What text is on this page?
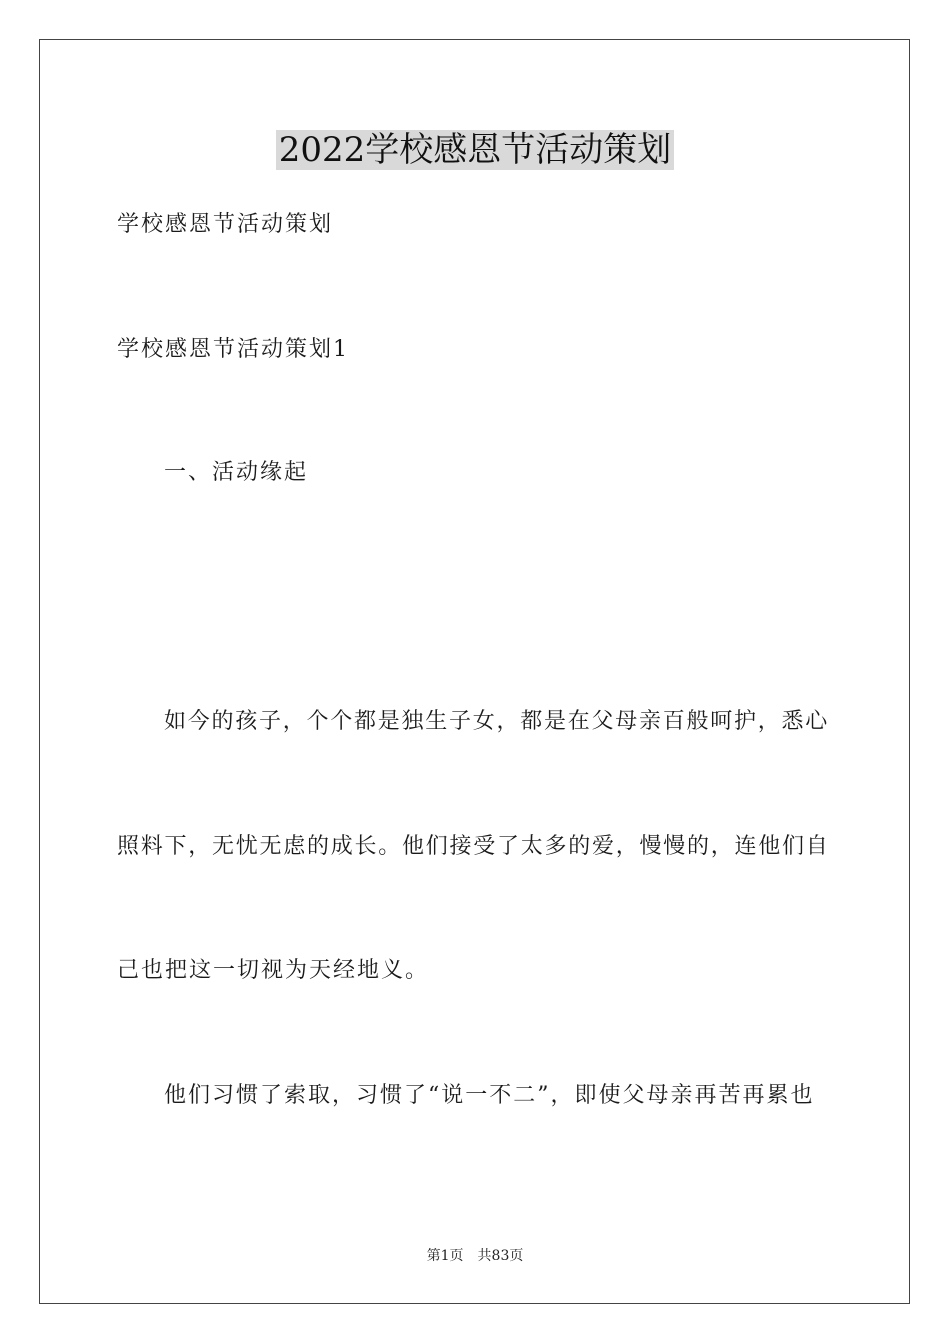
2022学校感恩节活动策划
学校感恩节活动策划
学校感恩节活动策划1
一、活动缘起
如今的孩子，个个都是独生子女，都是在父母亲百般呵护，悉心
照料下，无忧无虑的成长。他们接受了太多的爱，慢慢的，连他们自
己也把这一切视为天经地义。
他们习惯了索取，习惯了“说一不二”，即使父母亲再苦再累也
第1页 共83页
